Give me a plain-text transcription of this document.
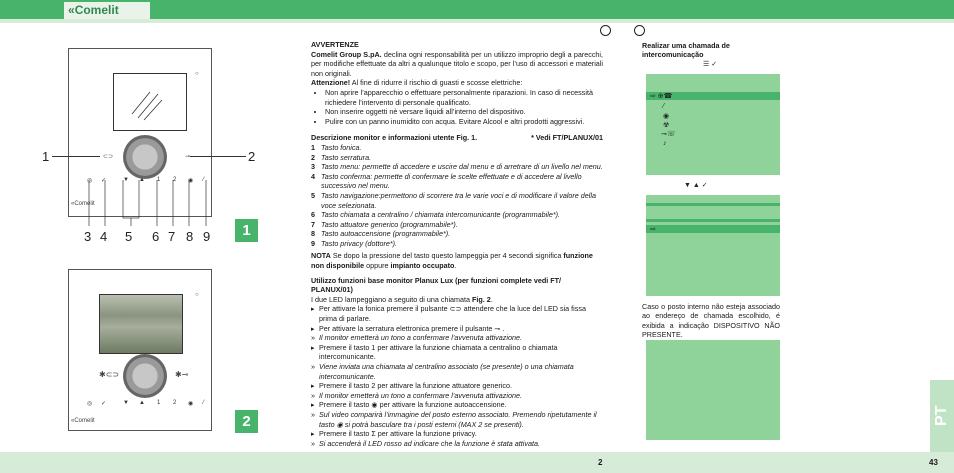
«Comelit
○
⊂⊃	⊸
◎ ✓	▼ ▲ 1 2 ◉ ⁄
«Comelit
1	2
3 4 5 6 7 8 9	1
○
✱⊂⊃	✱⊸
◎ ✓	▼ ▲ 1 2 ◉ ⁄
«Comelit	2

AVVERTENZE

Comelit Group S.pA. declina ogni responsabilità per un utilizzo improprio degli a parecchi, per modifiche effettuate da altri a qualunque titolo e scopo, per l’uso di accessori e materiali non originali.

Attenzione! Al fine di ridurre il rischio di guasti e scosse elettriche:

• Non aprire l’apparecchio o effettuare personalmente riparazioni. In caso di necessità richiedere l’intervento di personale qualificato.
• Non inserire oggetti nè versare liquidi all’interno del dispositivo.
• Pulire con un panno inumidito con acqua. Evitare Alcool e altri prodotti aggressivi.
Descrizione monitor e informazioni utente Fig. 1.	* Vedi FT/PLANUX/01
1 Tasto fonica.
2 Tasto serratura.
3 Tasto menu: permette di accedere e uscire dal menu e di arretrare di un livello nel menu.
4 Tasto conferma: permette di confermare le scelte effettuate e di accedere al livello successivo nel menu.
5 Tasto navigazione:permettono di scorrere tra le varie voci e di modificare il valore della voce selezionata.
6 Tasto chiamata a centralino / chiamata intercomunicante (programmabile*).
7 Tasto attuatore generico (programmabile*).
8 Tasto autoaccensione (programmabile*).
9 Tasto privacy (dottore*).

NOTA Se dopo la pressione del tasto questo lampeggia per 4 secondi significa funzione non disponibile oppure impianto occupato.

Utilizzo funzioni base monitor Planux Lux (per funzioni complete vedi FT/ PLANUX/01)

I due LED lampeggiano a seguito di una chiamata Fig. 2.

▸ Per attivare la fonica premere il pulsante ⊂⊃ attendere che la luce del LED sia fissa prima di parlare.
▸ Per attivare la serratura elettronica premere il pulsante ⊸ .
» Il monitor emetterà un tono a confermare l’avvenuta attivazione.
▸ Premere il tasto 1 per attivare la funzione chiamata a centralino o chiamata intercomunicante.
» Viene inviata una chiamata al centralino associato (se presente) o una chiamata intercomunicante.
▸ Premere il tasto 2 per attivare la funzione attuatore generico.
» Il monitor emetterà un tono a confermare l’avvenuta attivazione.
▸ Premere il tasto ◉ per attivare la funzione autoaccensione.
» Sul video comparirà l’immagine del posto esterno associato. Premendo ripetutamente il tasto ◉ si potrà basculare tra i posti esterni (MAX 2 se presenti).
▸ Premere il tasto Σ per attivare la funzione privacy.
» Si accenderà il LED rosso ad indicare che la funzione è stata attivata.
Realizar uma chamada de intercomunicação
☰ ✓
⇨ ⊕☎
⁄
◉
☢
⊸☏
♪
▼ ▲ ✓
⇨
Caso o posto interno não esteja associado ao endereço de chamada escolhido, é exibida a indicação DISPOSITIVO NÃO PRESENTE.
PT
2	43
